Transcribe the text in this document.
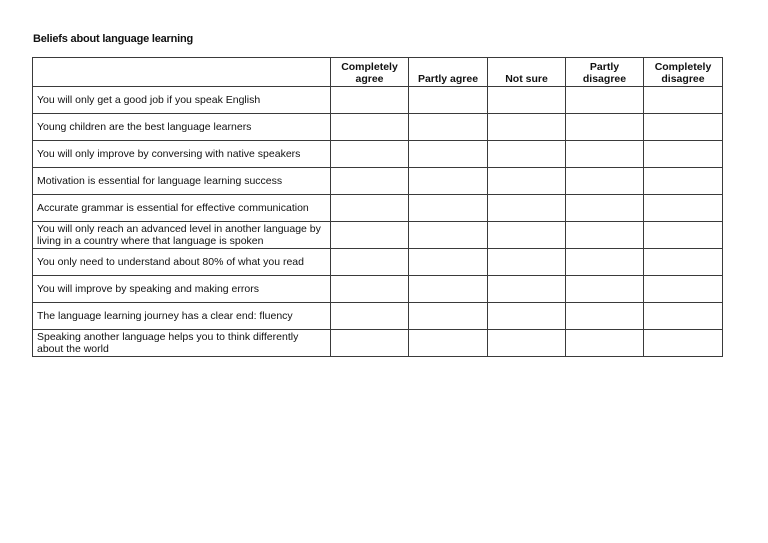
Beliefs about language learning
	Completely
agree	Partly agree	Not sure	Partly
disagree	Completely
disagree
You will only get a good job if you speak English					
Young children are the best language learners					
You will only improve by conversing with native speakers					
Motivation is essential for language learning success					
Accurate grammar is essential for effective communication					
You will only reach an advanced level in another language by living in a country where that language is spoken					
You only need to understand about 80% of what you read					
You will improve by speaking and making errors					
The language learning journey has a clear end: fluency					
Speaking another language helps you to think differently about the world					
